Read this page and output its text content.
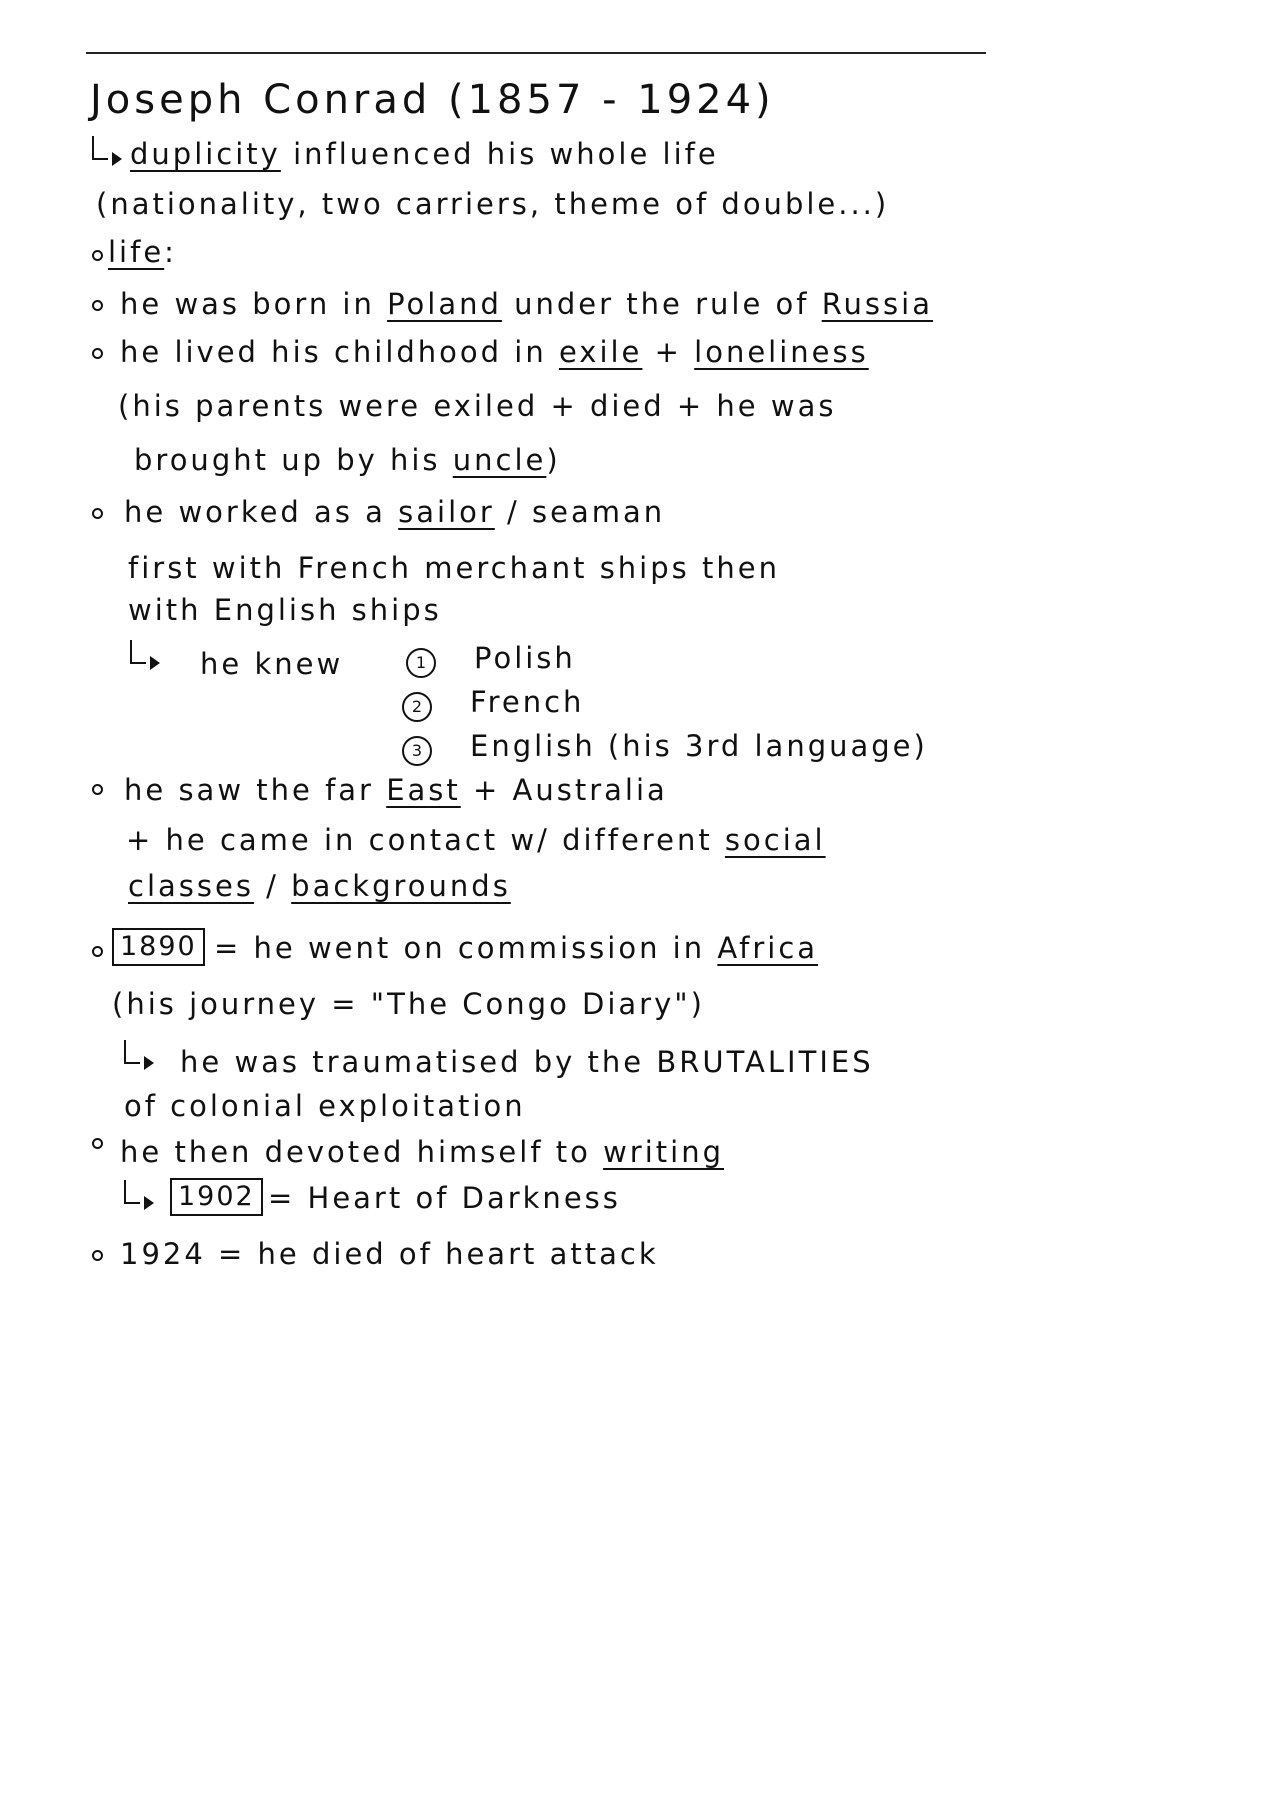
Joseph Conrad (1857 - 1924)
duplicity influenced his whole life
(nationality, two carriers, theme of double...)
life:
he was born in Poland under the rule of Russia
he lived his childhood in exile + loneliness
(his parents were exiled + died + he was
brought up by his uncle)
he worked as a sailor / seaman
first with French merchant ships then
with English ships
he knew	1	Polish
2	French
3	English (his 3rd language)
he saw the far East + Australia
+ he came in contact w/ different social
classes / backgrounds
1890 = he went on commission in Africa
(his journey = "The Congo Diary")
he was traumatised by the BRUTALITIES
of colonial exploitation
he then devoted himself to writing
1902 = Heart of Darkness
1924 = he died of heart attack
